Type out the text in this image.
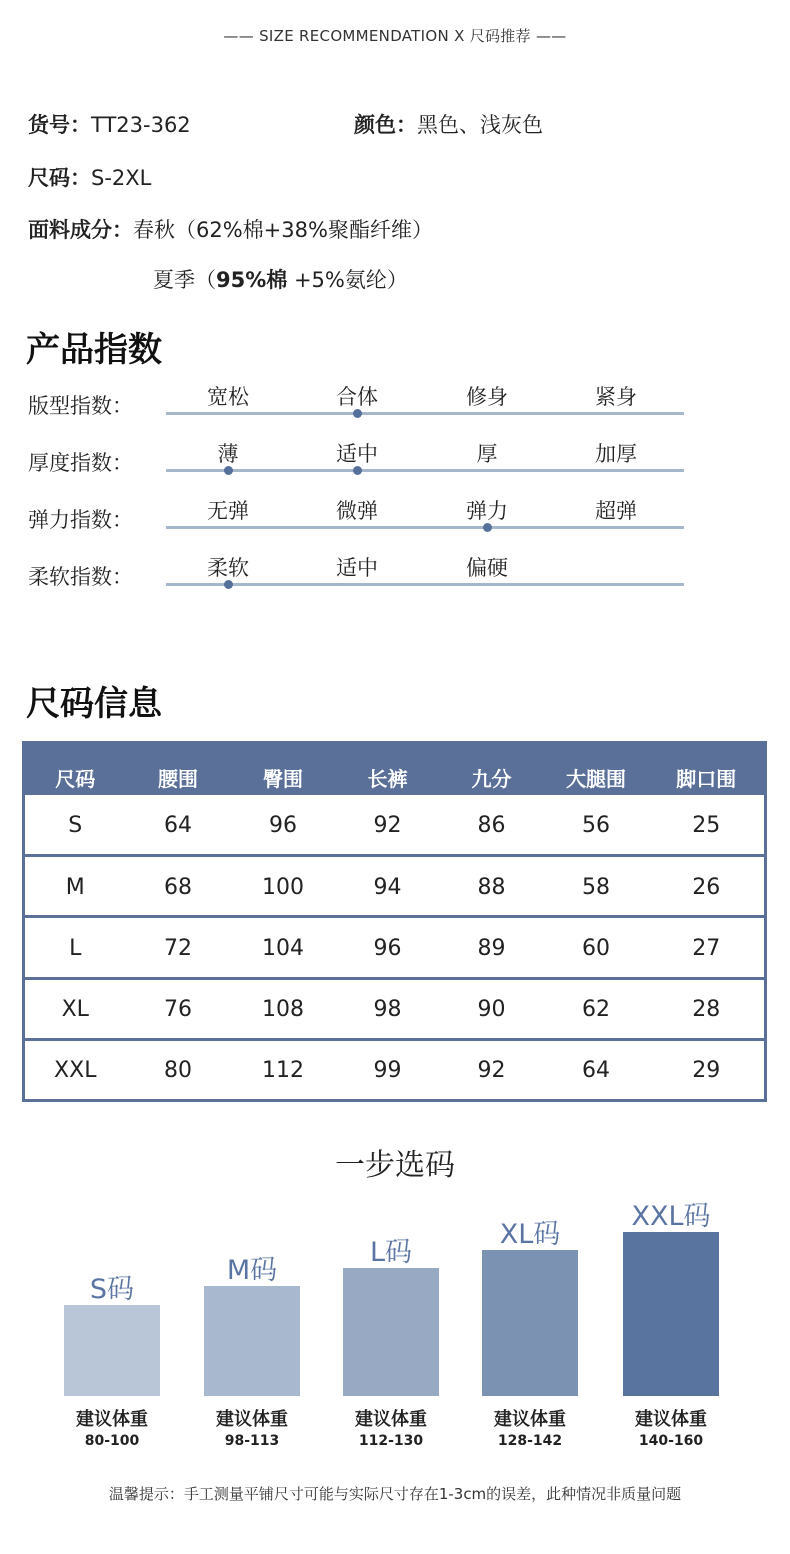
—— SIZE RECOMMENDATION X 尺码推荐 ——
货号：TT23-362	颜色：黑色、浅灰色
尺码：S-2XL
面料成分：春秋（62%棉+38%聚酯纤维）
夏季（95%棉 +5%氨纶）
产品指数
版型指数：	宽松	合体	修身	紧身
厚度指数：	薄	适中	厚	加厚
弹力指数：	无弹	微弹	弹力	超弹
柔软指数：	柔软	适中	偏硬
尺码信息
尺码	腰围	臀围	长裤	九分	大腿围	脚口围
S	64	96	92	86	56	25
M	68	100	94	88	58	26
L	72	104	96	89	60	27
XL	76	108	98	90	62	28
XXL	80	112	99	92	64	29
一步选码
S码
建议体重
80-100
M码
建议体重
98-113
L码
建议体重
112-130
XL码
建议体重
128-142
XXL码
建议体重
140-160
温馨提示：手工测量平铺尺寸可能与实际尺寸存在1-3cm的误差，此种情况非质量问题
